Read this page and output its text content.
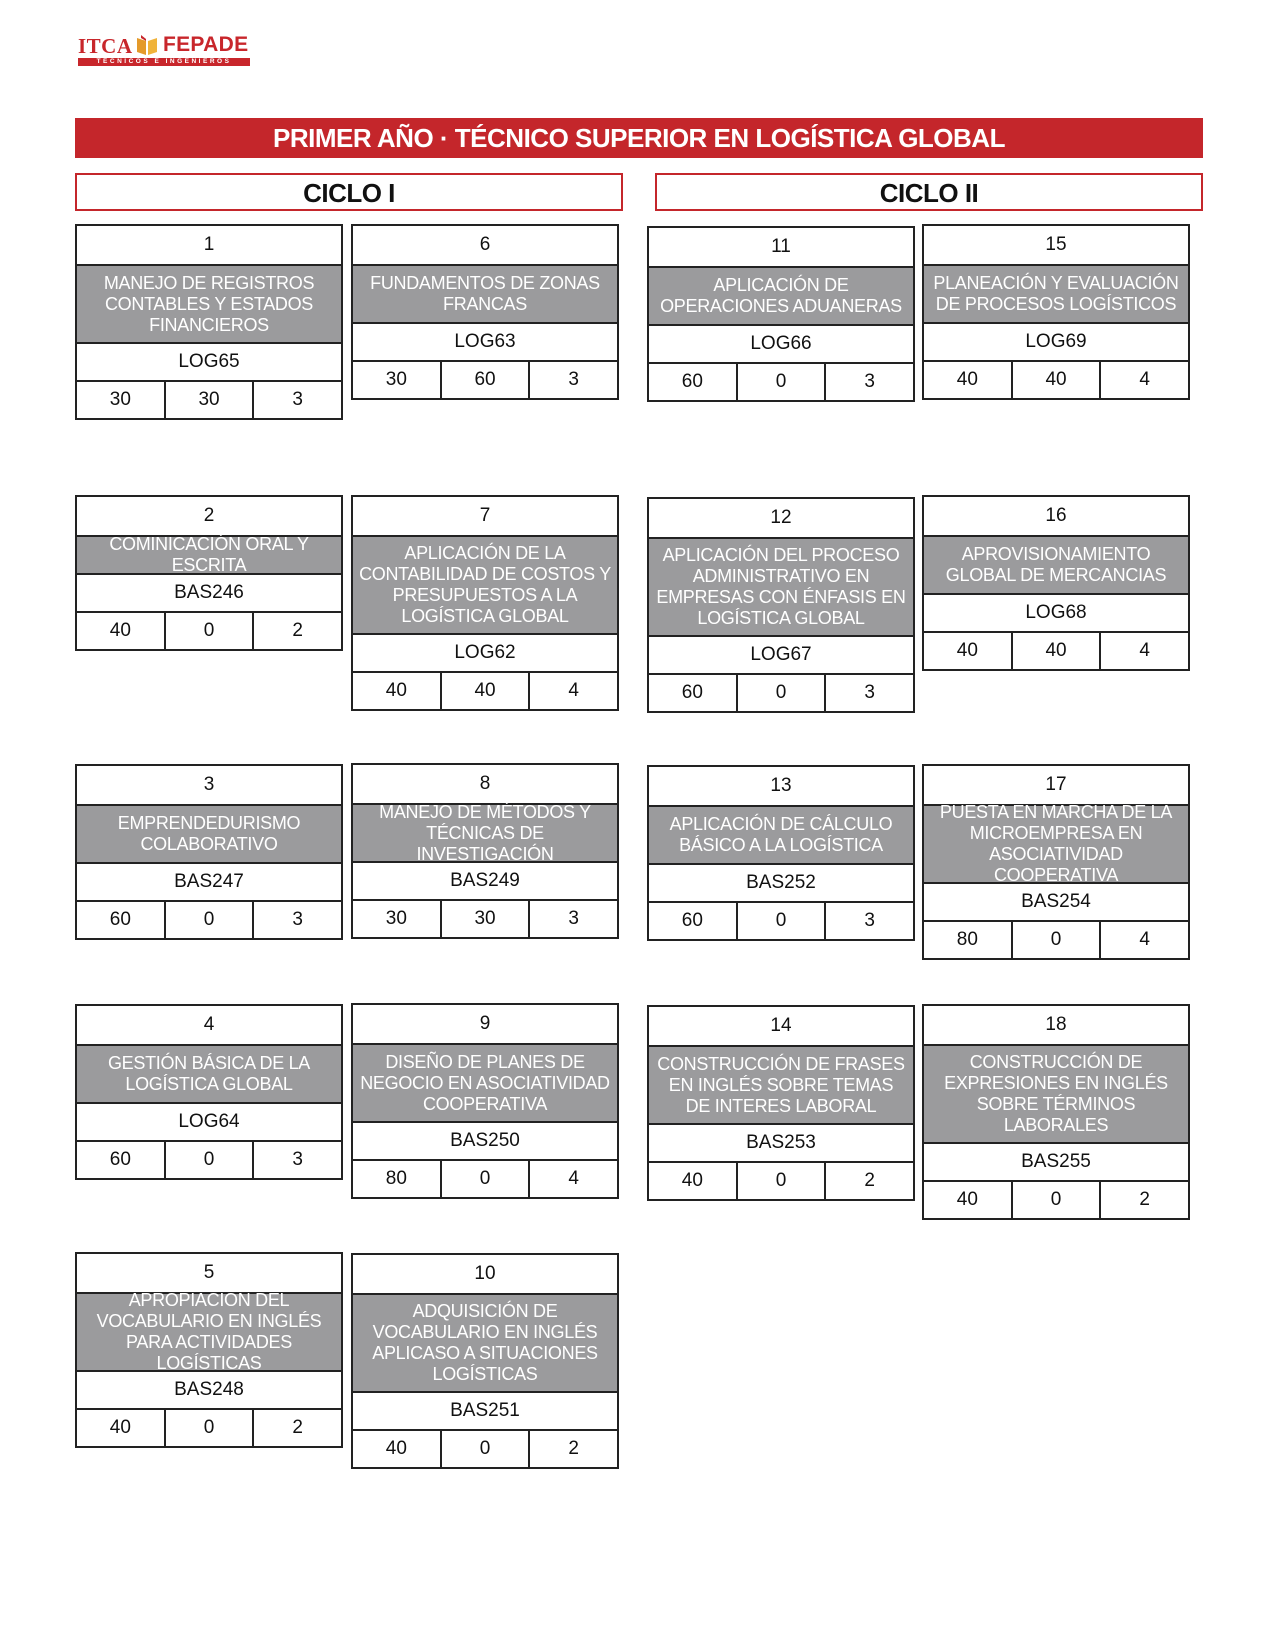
ITCA FEPADE
TÉCNICOS E INGENIEROS
PRIMER AÑO · TÉCNICO SUPERIOR EN LOGÍSTICA GLOBAL
CICLO I	CICLO II
1
MANEJO DE REGISTROS CONTABLES Y ESTADOS FINANCIEROS
LOG65
30	30	3
6
FUNDAMENTOS DE ZONAS FRANCAS
LOG63
30	60	3
11
APLICACIÓN DE OPERACIONES ADUANERAS
LOG66
60	0	3
15
PLANEACIÓN Y EVALUACIÓN DE PROCESOS LOGÍSTICOS
LOG69
40	40	4
2
COMINICACIÓN ORAL Y ESCRITA
BAS246
40	0	2
7
APLICACIÓN DE LA CONTABILIDAD DE COSTOS Y PRESUPUESTOS A LA LOGÍSTICA GLOBAL
LOG62
40	40	4
12
APLICACIÓN DEL PROCESO ADMINISTRATIVO EN EMPRESAS CON ÉNFASIS EN LOGÍSTICA GLOBAL
LOG67
60	0	3
16
APROVISIONAMIENTO GLOBAL DE MERCANCIAS
LOG68
40	40	4
3
EMPRENDEDURISMO COLABORATIVO
BAS247
60	0	3
8
MANEJO DE MÉTODOS Y TÉCNICAS DE INVESTIGACIÓN
BAS249
30	30	3
13
APLICACIÓN DE CÁLCULO BÁSICO A LA LOGÍSTICA
BAS252
60	0	3
17
PUESTA EN MARCHA DE LA MICROEMPRESA EN ASOCIATIVIDAD COOPERATIVA
BAS254
80	0	4
4
GESTIÓN BÁSICA DE LA LOGÍSTICA GLOBAL
LOG64
60	0	3
9
DISEÑO DE PLANES DE NEGOCIO EN ASOCIATIVIDAD COOPERATIVA
BAS250
80	0	4
14
CONSTRUCCIÓN DE FRASES EN INGLÉS SOBRE TEMAS DE INTERES LABORAL
BAS253
40	0	2
18
CONSTRUCCIÓN DE EXPRESIONES EN INGLÉS SOBRE TÉRMINOS LABORALES
BAS255
40	0	2
5
APROPIACIÓN DEL VOCABULARIO EN INGLÉS PARA ACTIVIDADES LOGÍSTICAS
BAS248
40	0	2
10
ADQUISICIÓN DE VOCABULARIO EN INGLÉS APLICASO A SITUACIONES LOGÍSTICAS
BAS251
40	0	2
